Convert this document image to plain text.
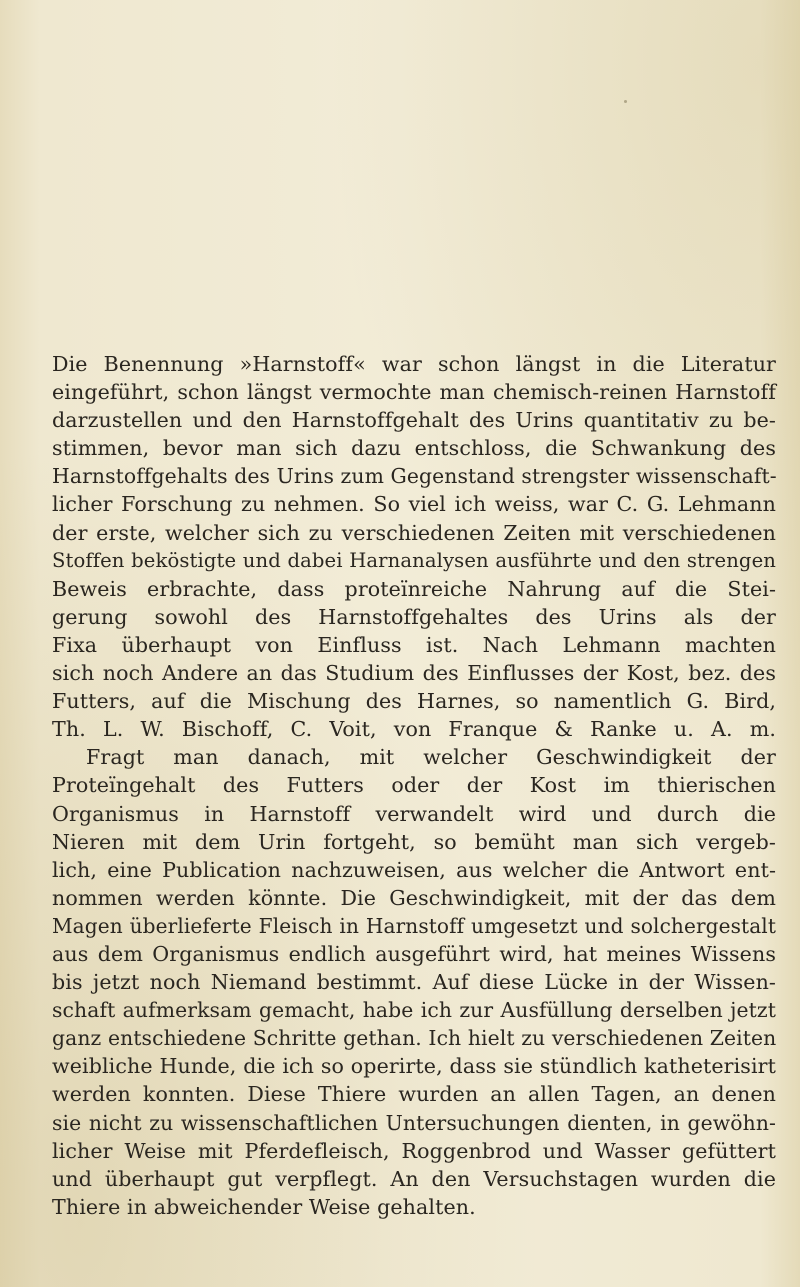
Die Benennung »Harnstoff« war schon längst in die Literatur
eingeführt, schon längst vermochte man chemisch-reinen Harnstoff
darzustellen und den Harnstoffgehalt des Urins quantitativ zu be-
stimmen, bevor man sich dazu entschloss, die Schwankung des
Harnstoffgehalts des Urins zum Gegenstand strengster wissenschaft-
licher Forschung zu nehmen. So viel ich weiss, war C. G. Lehmann
der erste, welcher sich zu verschiedenen Zeiten mit verschiedenen
Stoffen beköstigte und dabei Harnanalysen ausführte und den strengen
Beweis erbrachte, dass proteïnreiche Nahrung auf die Stei-
gerung sowohl des Harnstoffgehaltes des Urins als der
Fixa überhaupt von Einfluss ist. Nach Lehmann machten
sich noch Andere an das Studium des Einflusses der Kost, bez. des
Futters, auf die Mischung des Harnes, so namentlich G. Bird,
Th. L. W. Bischoff, C. Voit, von Franque & Ranke u. A. m.
Fragt man danach, mit welcher Geschwindigkeit der
Proteïngehalt des Futters oder der Kost im thierischen
Organismus in Harnstoff verwandelt wird und durch die
Nieren mit dem Urin fortgeht, so bemüht man sich vergeb-
lich, eine Publication nachzuweisen, aus welcher die Antwort ent-
nommen werden könnte. Die Geschwindigkeit, mit der das dem
Magen überlieferte Fleisch in Harnstoff umgesetzt und solchergestalt
aus dem Organismus endlich ausgeführt wird, hat meines Wissens
bis jetzt noch Niemand bestimmt. Auf diese Lücke in der Wissen-
schaft aufmerksam gemacht, habe ich zur Ausfüllung derselben jetzt
ganz entschiedene Schritte gethan. Ich hielt zu verschiedenen Zeiten
weibliche Hunde, die ich so operirte, dass sie stündlich katheterisirt
werden konnten. Diese Thiere wurden an allen Tagen, an denen
sie nicht zu wissenschaftlichen Untersuchungen dienten, in gewöhn-
licher Weise mit Pferdefleisch, Roggenbrod und Wasser gefüttert
und überhaupt gut verpflegt. An den Versuchstagen wurden die
Thiere in abweichender Weise gehalten.
